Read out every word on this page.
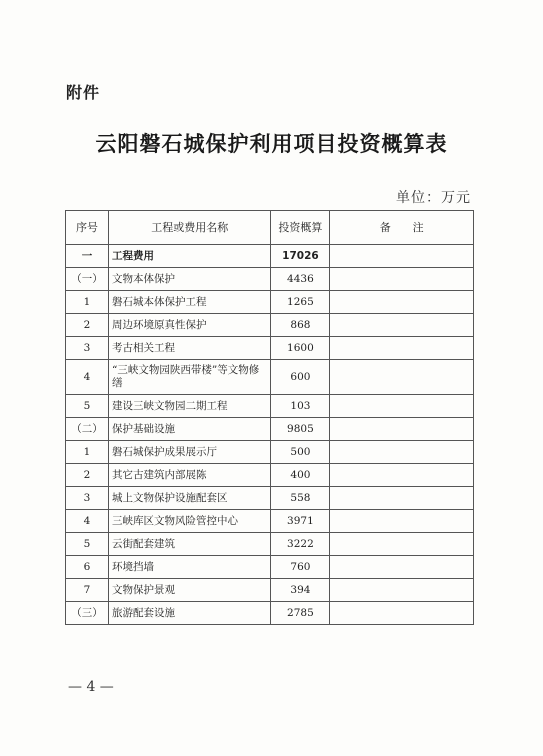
附件
云阳磐石城保护利用项目投资概算表
单位：万元
序号	工程或费用名称	投资概算	备　　注
一	工程费用	17026	
（一）	文物本体保护	4436	
1	磐石城本体保护工程	1265	
2	周边环境原真性保护	868	
3	考古相关工程	1600	
4	“三峡文物园陕西带楼”等文物修缮	600	
5	建设三峡文物园二期工程	103	
（二）	保护基础设施	9805	
1	磐石城保护成果展示厅	500	
2	其它古建筑内部展陈	400	
3	城上文物保护设施配套区	558	
4	三峡库区文物风险管控中心	3971	
5	云街配套建筑	3222	
6	环境挡墙	760	
7	文物保护景观	394	
（三）	旅游配套设施	2785	
— 4 —
